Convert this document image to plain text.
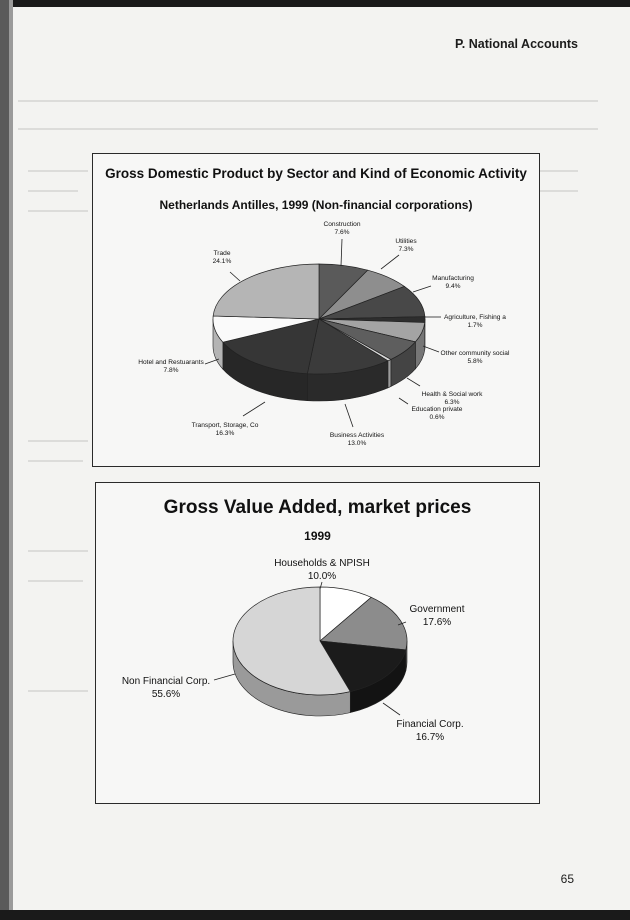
P. National Accounts
Gross Domestic Product by Sector and Kind of Economic Activity
Netherlands Antilles, 1999 (Non-financial corporations)
Construction
7.6%
Utilities
7.3%
Manufacturing
9.4%
Agriculture, Fishing a
1.7%
Other community social
5.8%
Health & Social work
6.3%
Education private
0.6%
Business Activities
13.0%
Transport, Storage, Co
16.3%
Hotel and Restuarants
7.8%
Trade
24.1%
Gross Value Added, market prices
1999
Households & NPISH
10.0%
Government
17.6%
Financial Corp.
16.7%
Non Financial Corp.
55.6%
65
